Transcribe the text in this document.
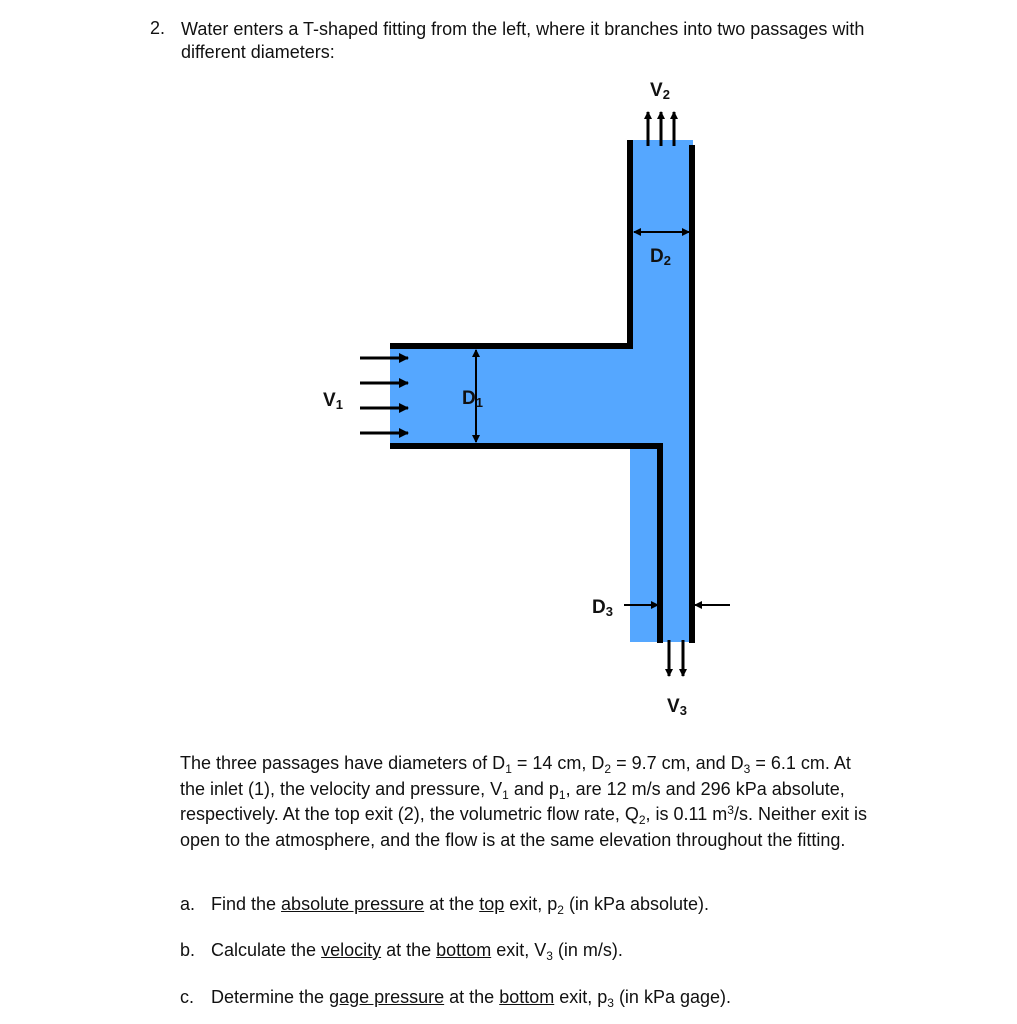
2. Water enters a T-shaped fitting from the left, where it branches into two passages with different diameters:
V1	D1
V2
D2
D3
V3
The three passages have diameters of $D_1 = 14$ cm, $D_2 = 9.7$ cm, and $D_3 = 6.1$ cm. At the inlet (1), the velocity and pressure, $V_1$ and $p_1$, are 12 m/s and 296 kPa absolute, respectively. At the top exit (2), the volumetric flow rate, $Q_2$, is 0.11 $m^3/s$. Neither exit is open to the atmosphere, and the flow is at the same elevation throughout the fitting.
a. Find the absolute pressure at the top exit, $p_2$ (in kPa absolute).
b. Calculate the velocity at the bottom exit, $V_3$ (in m/s).
c. Determine the gage pressure at the bottom exit, $p_3$ (in kPa gage).
